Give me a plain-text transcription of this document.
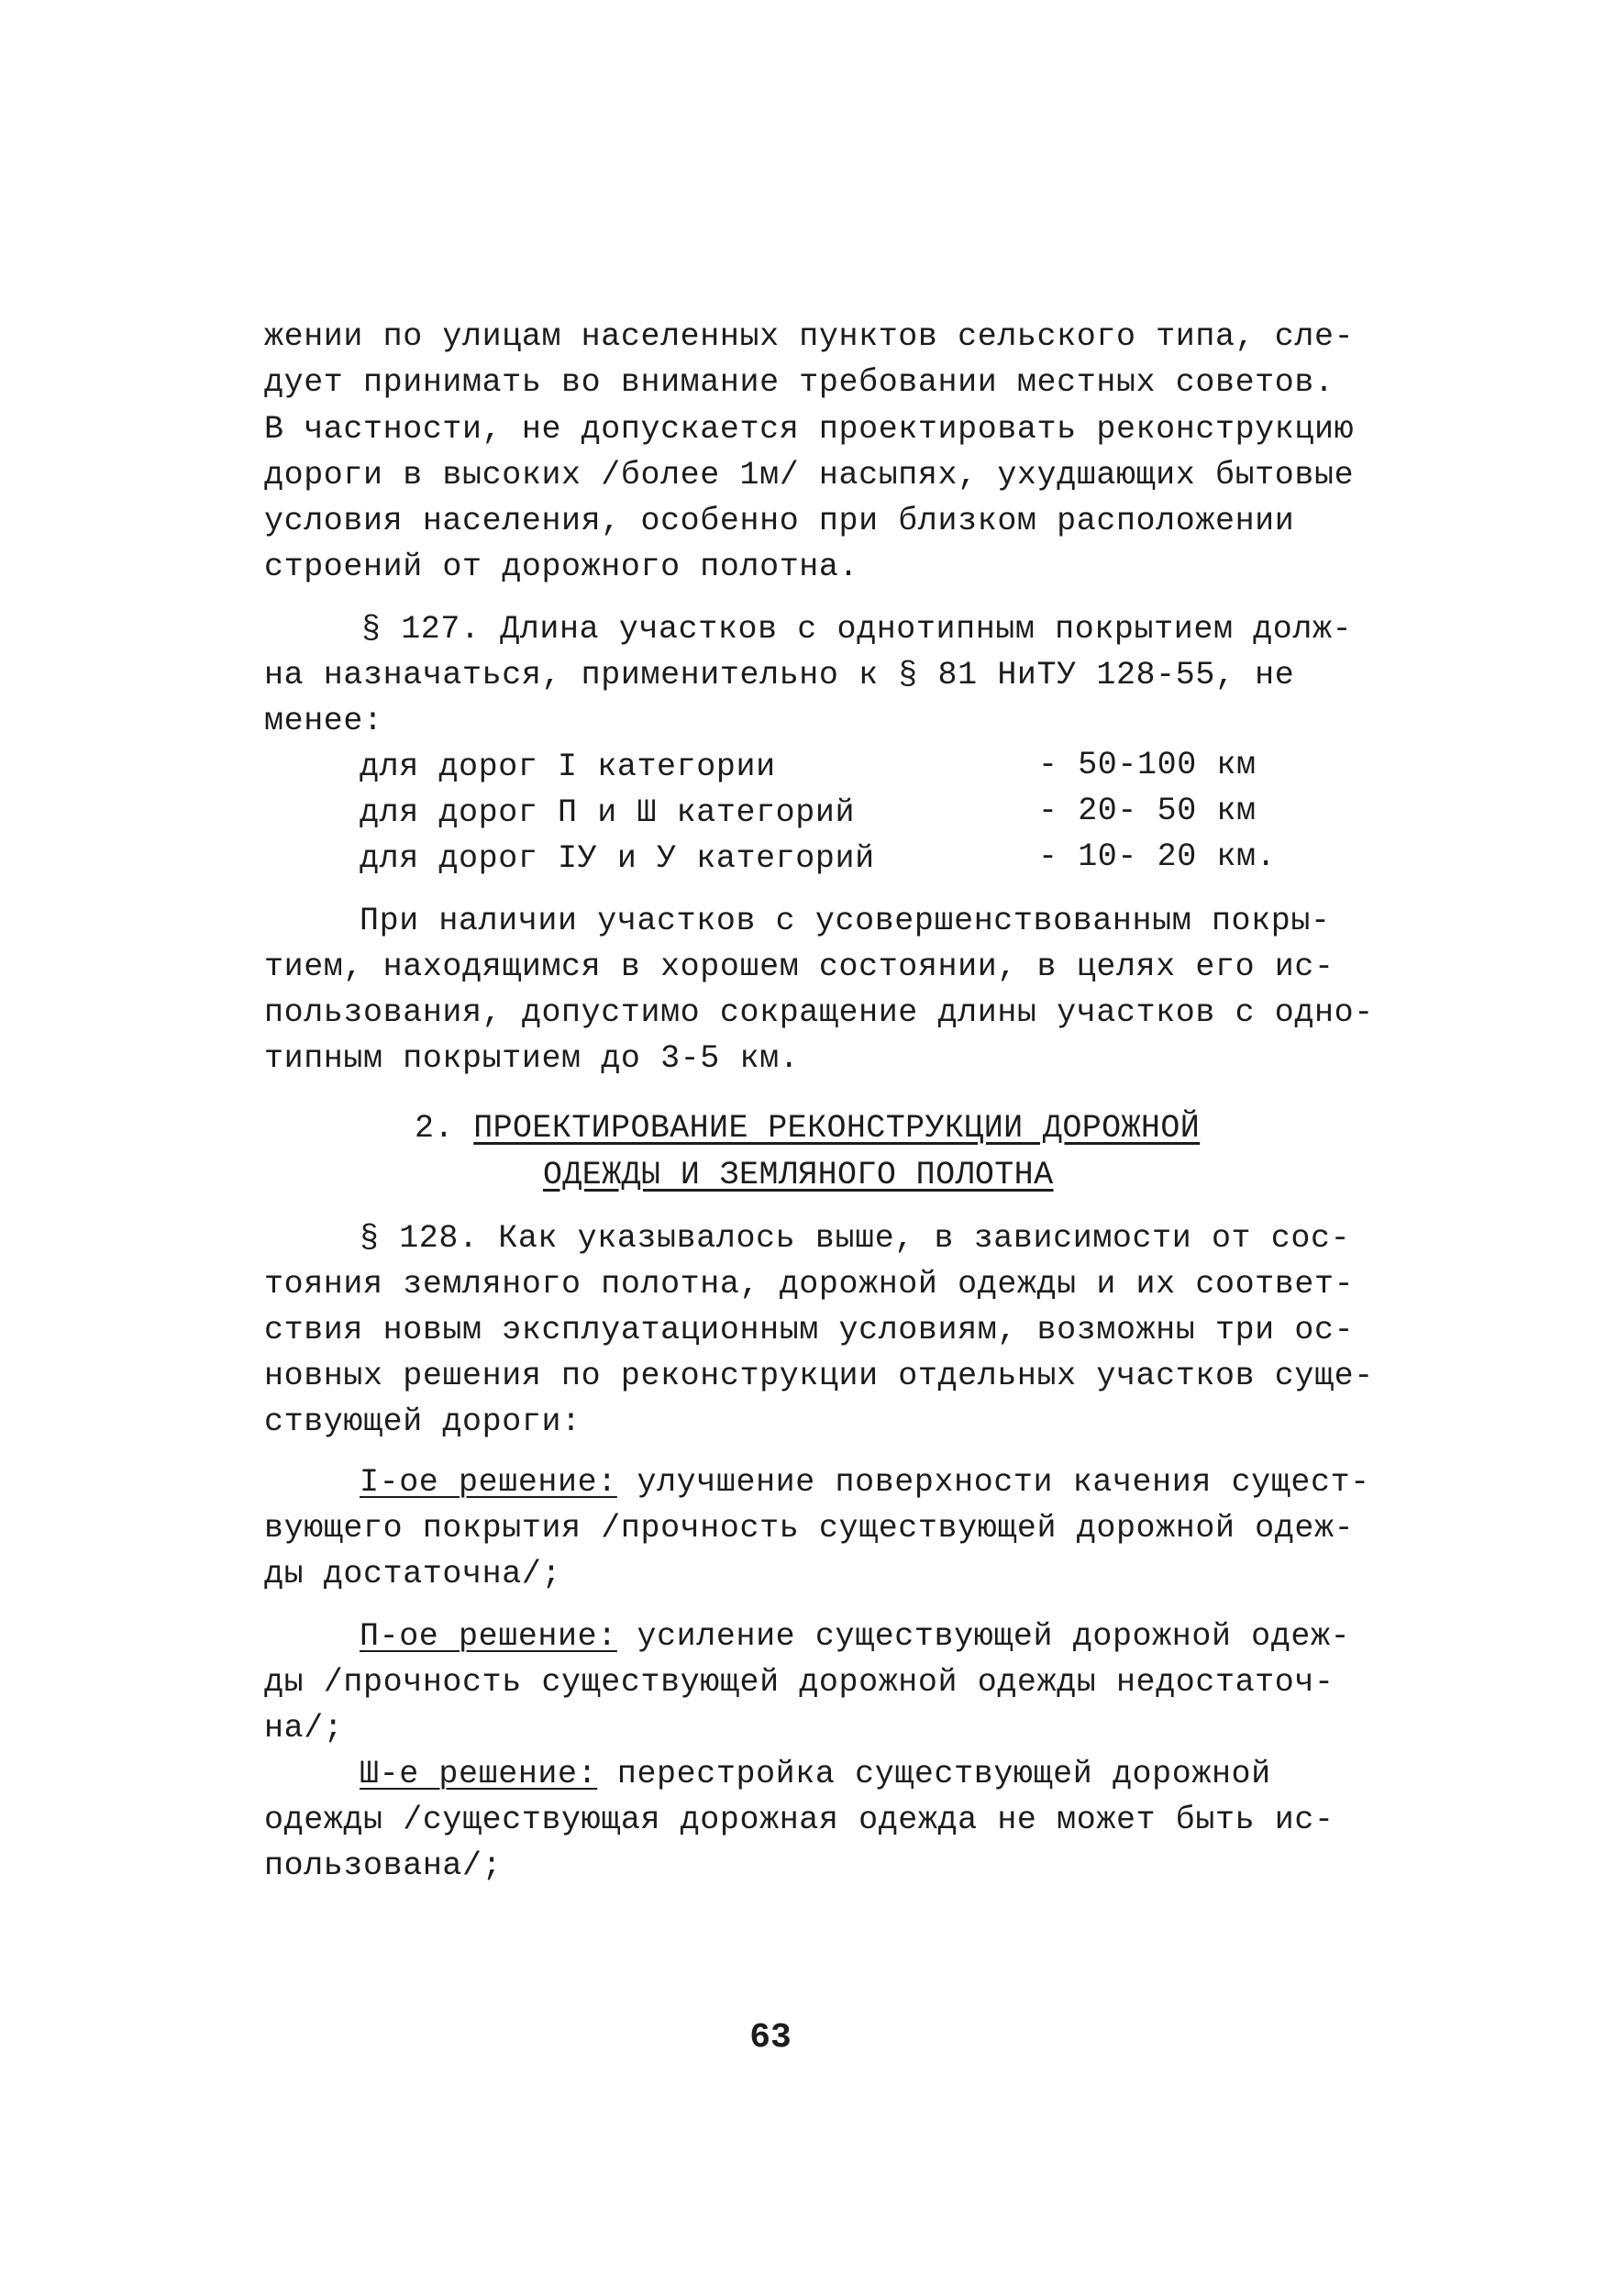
жении по улицам населенных пунктов сельского типа, сле-

дует принимать во внимание требовании местных советов.

В частности, не допускается проектировать реконструкцию

дороги в высоких /более 1м/ насыпях, ухудшающих бытовые

условия населения, особенно при близком расположении

строений от дорожного полотна.

§ 127. Длина участков с однотипным покрытием долж-

на назначаться, применительно к § 81 НиТУ 128-55, не

менее:

для дорог I категории	- 50-100 км
для дорог П и Ш категорий	- 20- 50 км
для дорог IУ и У категорий	- 10- 20 км.

При наличии участков с усовершенствованным покры-

тием, находящимся в хорошем состоянии, в целях его ис-

пользования, допустимо сокращение длины участков с одно-

типным покрытием до 3-5 км.

2. ПРОЕКТИРОВАНИЕ РЕКОНСТРУКЦИИ ДОРОЖНОЙ
ОДЕЖДЫ И ЗЕМЛЯНОГО ПОЛОТНА

§ 128. Как указывалось выше, в зависимости от сос-

тояния земляного полотна, дорожной одежды и их соответ-

ствия новым эксплуатационным условиям, возможны три ос-

новных решения по реконструкции отдельных участков суще-

ствующей дороги:

I-ое решение: улучшение поверхности качения сущест-

вующего покрытия /прочность существующей дорожной одеж-

ды достаточна/;

П-ое решение: усиление существующей дорожной одеж-

ды /прочность существующей дорожной одежды недостаточ-

на/;

Ш-е решение: перестройка существующей дорожной

одежды /существующая дорожная одежда не может быть ис-

пользована/;

63
